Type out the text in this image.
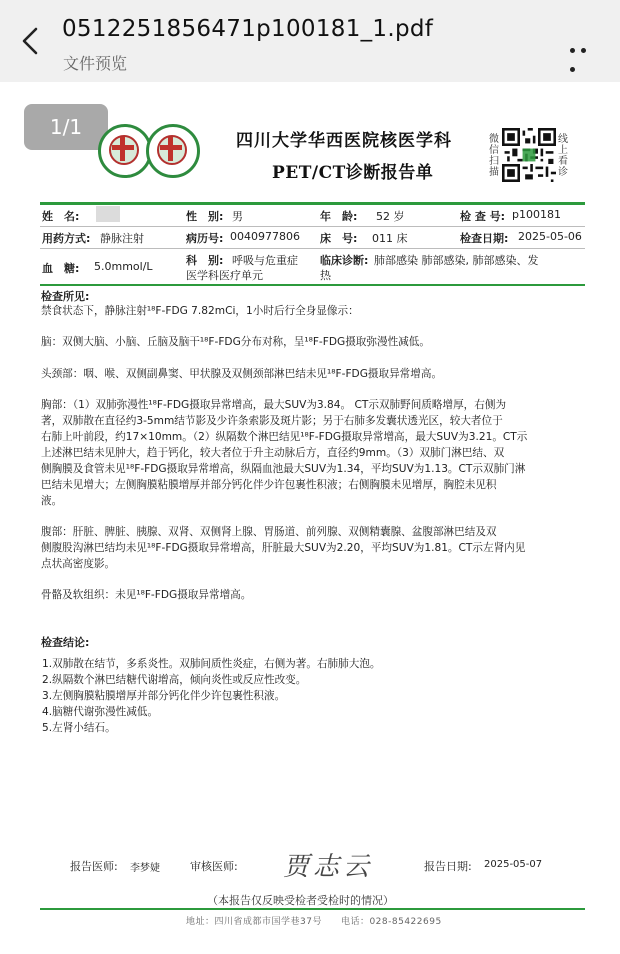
0512251856471p100181_1.pdf
文件预览
1/1
四川大学华西医院核医学科
PET/CT诊断报告单
微信扫描
线上看诊
姓　名:	性　别: 男	年　龄: 52 岁	检 查 号: p100181
用药方式: 静脉注射	病历号: 0040977806 床　号: 011 床	检查日期: 2025-05-06
血　糖: 5.0mmol/L	科　别: 呼吸与危重症
医学科医疗单元
临床诊断: 肺部感染 肺部感染, 肺部感染、发
热
检查所见:
禁食状态下，静脉注射¹⁸F-FDG 7.82mCi，1小时后行全身显像示：
脑：双侧大脑、小脑、丘脑及脑干¹⁸F-FDG分布对称，呈¹⁸F-FDG摄取弥漫性减低。
头颈部：咽、喉、双侧副鼻窦、甲状腺及双侧颈部淋巴结未见¹⁸F-FDG摄取异常增高。
胸部：（1）双肺弥漫性¹⁸F-FDG摄取异常增高，最大SUV为3.84。 CT示双肺野间质略增厚，右侧为
著，双肺散在直径约3-5mm结节影及少许条索影及斑片影；另于右肺多发囊状透光区，较大者位于
右肺上叶前段，约17×10mm。（2）纵隔数个淋巴结见¹⁸F-FDG摄取异常增高，最大SUV为3.21。CT示
上述淋巴结未见肿大，趋于钙化，较大者位于升主动脉后方，直径约9mm。（3）双肺门淋巴结、双
侧胸膜及食管未见¹⁸F-FDG摄取异常增高，纵隔血池最大SUV为1.34，平均SUV为1.13。CT示双肺门淋
巴结未见增大；左侧胸膜粘膜增厚并部分钙化伴少许包裹性积液；右侧胸膜未见增厚，胸腔未见积
液。
腹部：肝脏、脾脏、胰腺、双肾、双侧肾上腺、胃肠道、前列腺、双侧精囊腺、盆腹部淋巴结及双
侧腹股沟淋巴结均未见¹⁸F-FDG摄取异常增高，肝脏最大SUV为2.20，平均SUV为1.81。CT示左肾内见
点状高密度影。
骨骼及软组织：未见¹⁸F-FDG摄取异常增高。
检查结论:
1.双肺散在结节，多系炎性。双肺间质性炎症，右侧为著。右肺肺大泡。
2.纵隔数个淋巴结糖代谢增高，倾向炎性或反应性改变。
3.左侧胸膜粘膜增厚并部分钙化伴少许包裹性积液。
4.脑糖代谢弥漫性减低。
5.左肾小结石。
报告医师: 李梦婕	审核医师: 贾志云	报告日期: 2025-05-07
（本报告仅反映受检者受检时的情况）
地址：四川省成都市国学巷37号　　电话：028-85422695
